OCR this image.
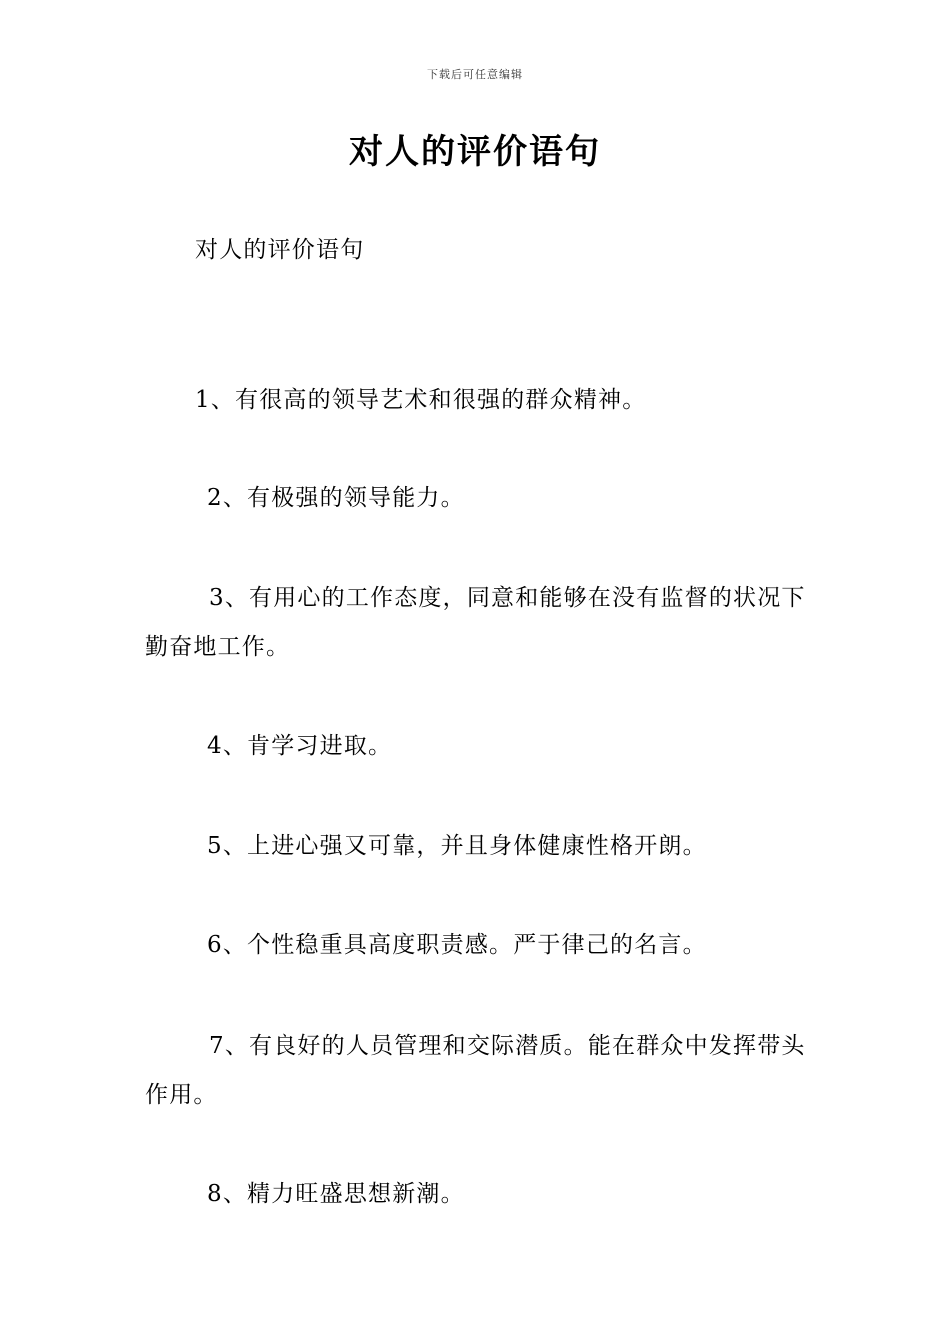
下载后可任意编辑
对人的评价语句
对人的评价语句
1、有很高的领导艺术和很强的群众精神。
2、有极强的领导能力。
3、有用心的工作态度，同意和能够在没有监督的状况下勤奋地工作。
4、肯学习进取。
5、上进心强又可靠，并且身体健康性格开朗。
6、个性稳重具高度职责感。严于律己的名言。
7、有良好的人员管理和交际潜质。能在群众中发挥带头作用。
8、精力旺盛思想新潮。
